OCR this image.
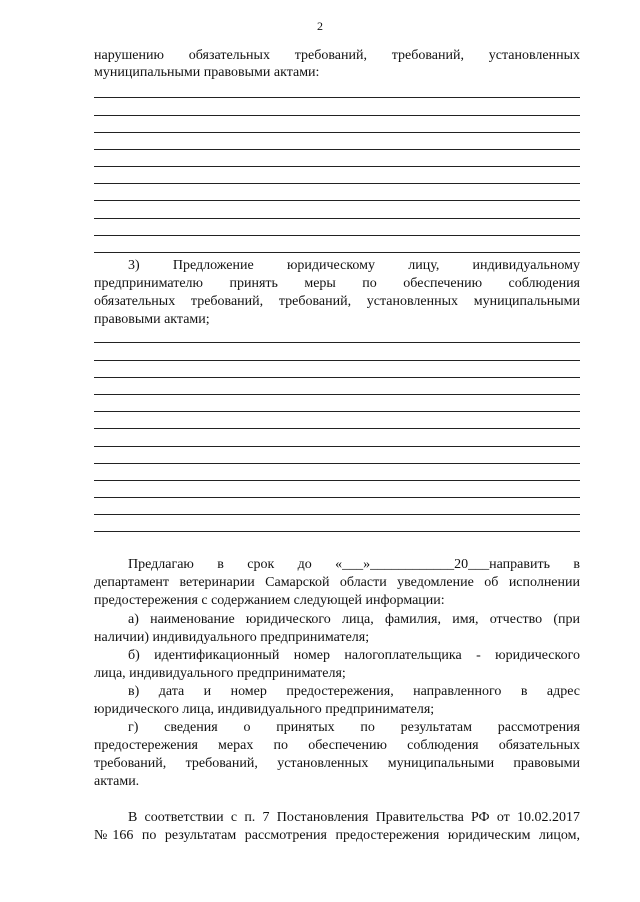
2
нарушению обязательных требований, требований, установленных
муниципальными правовыми актами:
3) Предложение юридическому лицу, индивидуальному
предпринимателю принять меры по обеспечению соблюдения
обязательных требований, требований, установленных муниципальными
правовыми актами;
Предлагаю в срок до «___»____________20___направить в
департамент ветеринарии Самарской области уведомление об исполнении
предостережения с содержанием следующей информации:
а) наименование юридического лица, фамилия, имя, отчество (при
наличии) индивидуального предпринимателя;
б) идентификационный номер налогоплательщика - юридического
лица, индивидуального предпринимателя;
в) дата и номер предостережения, направленного в адрес
юридического лица, индивидуального предпринимателя;
г) сведения о принятых по результатам рассмотрения
предостережения мерах по обеспечению соблюдения обязательных
требований, требований, установленных муниципальными правовыми
актами.
В соответствии с п. 7 Постановления Правительства РФ от 10.02.2017
№166 по результатам рассмотрения предостережения юридическим лицом,
